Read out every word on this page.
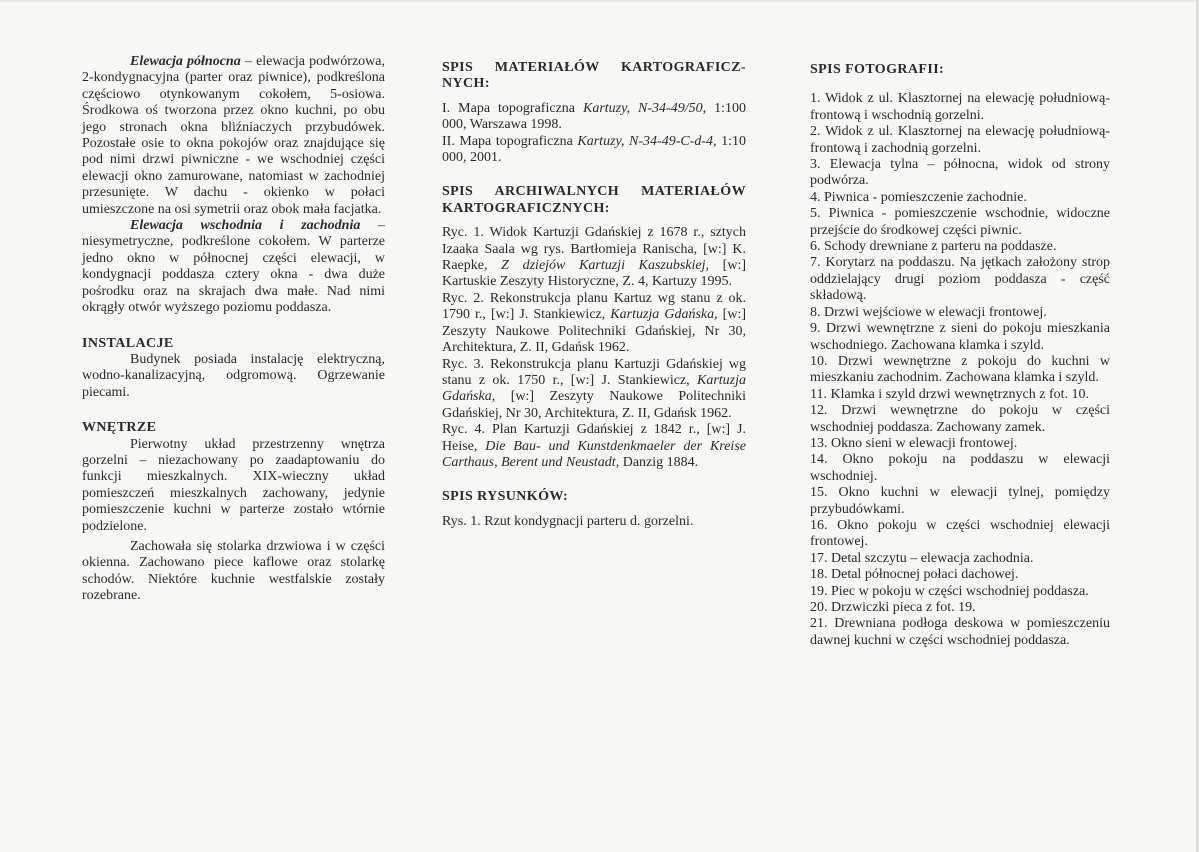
Elewacja północna – elewacja podwórzowa, 2-kondygnacyjna (parter oraz piwnice), podkreślona częściowo otynkowanym cokołem, 5-osiowa. Środkowa oś tworzona przez okno kuchni, po obu jego stronach okna bliźniaczych przybudówek. Pozostałe osie to okna pokojów oraz znajdujące się pod nimi drzwi piwniczne - we wschodniej części elewacji okno zamurowane, natomiast w zachodniej przesunięte. W dachu - okienko w połaci umieszczone na osi symetrii oraz obok mała facjatka.

Elewacja wschodnia i zachodnia – niesymetryczne, podkreślone cokołem. W parterze jedno okno w północnej części elewacji, w kondygnacji poddasza cztery okna - dwa duże pośrodku oraz na skrajach dwa małe. Nad nimi okrągły otwór wyższego poziomu poddasza.

INSTALACJE

Budynek posiada instalację elektryczną, wodno-kanalizacyjną, odgromową. Ogrzewanie piecami.

WNĘTRZE

Pierwotny układ przestrzenny wnętrza gorzelni – niezachowany po zaadaptowaniu do funkcji mieszkalnych. XIX-wieczny układ pomieszczeń mieszkalnych zachowany, jedynie pomieszczenie kuchni w parterze zostało wtórnie podzielone.

Zachowała się stolarka drzwiowa i w części okienna. Zachowano piece kaflowe oraz stolarkę schodów. Niektóre kuchnie westfalskie zostały rozebrane.

SPIS MATERIAŁÓW KARTOGRAFICZ-
NYCH:

I. Mapa topograficzna Kartuzy, N-34-49/50, 1:100 000, Warszawa 1998.

II. Mapa topograficzna Kartuzy, N-34-49-C-d-4, 1:10 000, 2001.

SPIS ARCHIWALNYCH MATERIAŁÓW
KARTOGRAFICZNYCH:

Ryc. 1. Widok Kartuzji Gdańskiej z 1678 r., sztych Izaaka Saala wg rys. Bartłomieja Ranischa, [w:] K. Raepke, Z dziejów Kartuzji Kaszubskiej, [w:] Kartuskie Zeszyty Historyczne, Z. 4, Kartuzy 1995.

Ryc. 2. Rekonstrukcja planu Kartuz wg stanu z ok. 1790 r., [w:] J. Stankiewicz, Kartuzja Gdańska, [w:] Zeszyty Naukowe Politechniki Gdańskiej, Nr 30, Architektura, Z. II, Gdańsk 1962.

Ryc. 3. Rekonstrukcja planu Kartuzji Gdańskiej wg stanu z ok. 1750 r., [w:] J. Stankiewicz, Kartuzja Gdańska, [w:] Zeszyty Naukowe Politechniki Gdańskiej, Nr 30, Architektura, Z. II, Gdańsk 1962.

Ryc. 4. Plan Kartuzji Gdańskiej z 1842 r., [w:] J. Heise, Die Bau- und Kunstdenkmaeler der Kreise Carthaus, Berent und Neustadt, Danzig 1884.

SPIS RYSUNKÓW:

Rys. 1. Rzut kondygnacji parteru d. gorzelni.

SPIS FOTOGRAFII:

1. Widok z ul. Klasztornej na elewację południową-frontową i wschodnią gorzelni.

2. Widok z ul. Klasztornej na elewację południową-frontową i zachodnią gorzelni.

3. Elewacja tylna – północna, widok od strony podwórza.

4. Piwnica - pomieszczenie zachodnie.

5. Piwnica - pomieszczenie wschodnie, widoczne przejście do środkowej części piwnic.

6. Schody drewniane z parteru na poddasze.

7. Korytarz na poddaszu. Na jętkach założony strop oddzielający drugi poziom poddasza - część składową.

8. Drzwi wejściowe w elewacji frontowej.

9. Drzwi wewnętrzne z sieni do pokoju mieszkania wschodniego. Zachowana klamka i szyld.

10. Drzwi wewnętrzne z pokoju do kuchni w mieszkaniu zachodnim. Zachowana klamka i szyld.

11. Klamka i szyld drzwi wewnętrznych z fot. 10.

12. Drzwi wewnętrzne do pokoju w części wschodniej poddasza. Zachowany zamek.

13. Okno sieni w elewacji frontowej.

14. Okno pokoju na poddaszu w elewacji wschodniej.

15. Okno kuchni w elewacji tylnej, pomiędzy przybudówkami.

16. Okno pokoju w części wschodniej elewacji frontowej.

17. Detal szczytu – elewacja zachodnia.

18. Detal północnej połaci dachowej.

19. Piec w pokoju w części wschodniej poddasza.

20. Drzwiczki pieca z fot. 19.

21. Drewniana podłoga deskowa w pomieszczeniu dawnej kuchni w części wschodniej poddasza.
